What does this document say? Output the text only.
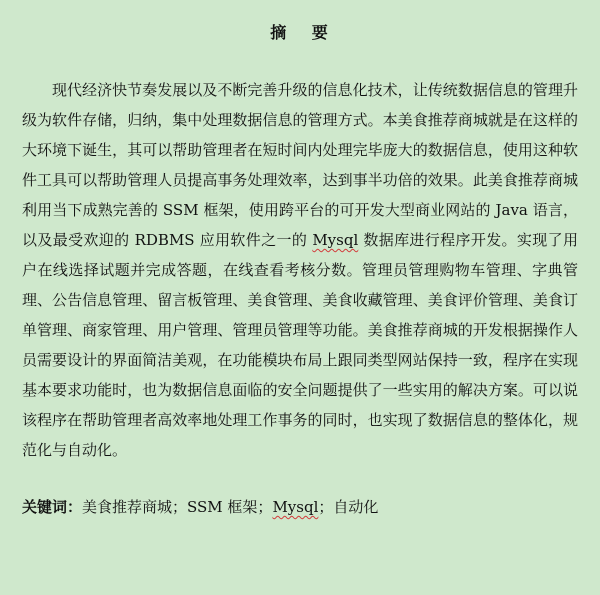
摘 要

现代经济快节奏发展以及不断完善升级的信息化技术，让传统数据信息的管理升级为软件存储，归纳，集中处理数据信息的管理方式。本美食推荐商城就是在这样的大环境下诞生，其可以帮助管理者在短时间内处理完毕庞大的数据信息，使用这种软件工具可以帮助管理人员提高事务处理效率，达到事半功倍的效果。此美食推荐商城利用当下成熟完善的 SSM 框架，使用跨平台的可开发大型商业网站的 Java 语言，以及最受欢迎的 RDBMS 应用软件之一的 Mysql 数据库进行程序开发。实现了用户在线选择试题并完成答题，在线查看考核分数。管理员管理购物车管理、字典管理、公告信息管理、留言板管理、美食管理、美食收藏管理、美食评价管理、美食订单管理、商家管理、用户管理、管理员管理等功能。美食推荐商城的开发根据操作人员需要设计的界面简洁美观，在功能模块布局上跟同类型网站保持一致，程序在实现基本要求功能时，也为数据信息面临的安全问题提供了一些实用的解决方案。可以说该程序在帮助管理者高效率地处理工作事务的同时，也实现了数据信息的整体化，规范化与自动化。

关键词：美食推荐商城；SSM 框架；Mysql；自动化
